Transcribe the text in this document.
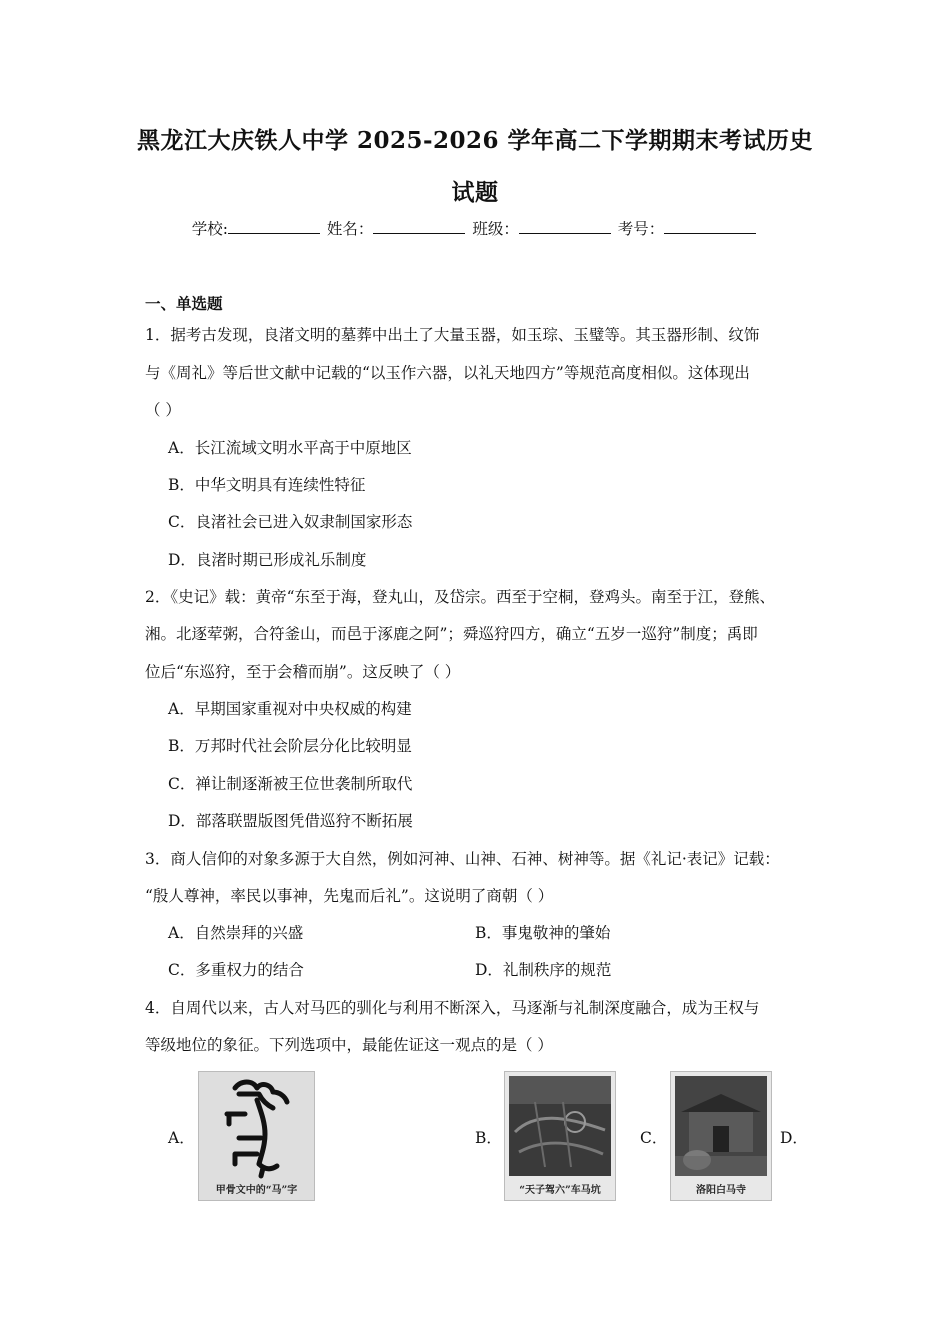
黑龙江大庆铁人中学 2025-2026 学年高二下学期期末考试历史
试题
学校:	姓名：	班级：	考号：
一、单选题
1．据考古发现，良渚文明的墓葬中出土了大量玉器，如玉琮、玉璧等。其玉器形制、纹饰
与《周礼》等后世文献中记载的“以玉作六器，以礼天地四方”等规范高度相似。这体现出
（ ）
A．长江流域文明水平高于中原地区
B．中华文明具有连续性特征
C．良渚社会已进入奴隶制国家形态
D．良渚时期已形成礼乐制度
2．《史记》载：黄帝“东至于海，登丸山，及岱宗。西至于空桐，登鸡头。南至于江，登熊、
湘。北逐荤粥，合符釜山，而邑于涿鹿之阿”；舜巡狩四方，确立“五岁一巡狩”制度；禹即
位后“东巡狩，至于会稽而崩”。这反映了（ ）
A．早期国家重视对中央权威的构建
B．万邦时代社会阶层分化比较明显
C．禅让制逐渐被王位世袭制所取代
D．部落联盟版图凭借巡狩不断拓展
3．商人信仰的对象多源于大自然，例如河神、山神、石神、树神等。据《礼记·表记》记载：
“殷人尊神，率民以事神，先鬼而后礼”。这说明了商朝（ ）
A．自然崇拜的兴盛	B．事鬼敬神的肇始
C．多重权力的结合	D．礼制秩序的规范
4．自周代以来，古人对马匹的驯化与利用不断深入，马逐渐与礼制深度融合，成为王权与
等级地位的象征。下列选项中，最能佐证这一观点的是（ ）
A．
甲骨文中的“马”字
B．
“天子驾六”车马坑
C．
洛阳白马寺
D．
